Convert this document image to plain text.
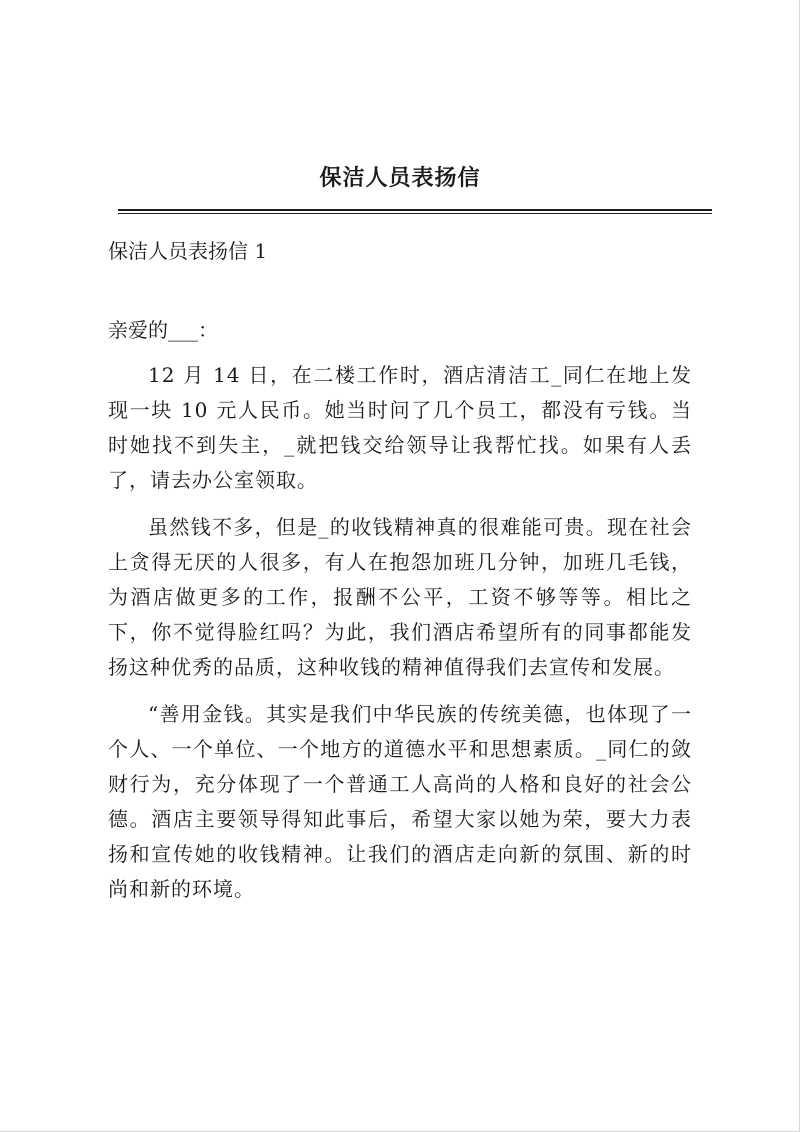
保洁人员表扬信
保洁人员表扬信 1
亲爱的___：

12 月 14 日，在二楼工作时，酒店清洁工_同仁在地上发现一块 10 元人民币。她当时问了几个员工，都没有亏钱。当时她找不到失主，_就把钱交给领导让我帮忙找。如果有人丢了，请去办公室领取。

虽然钱不多，但是_的收钱精神真的很难能可贵。现在社会上贪得无厌的人很多，有人在抱怨加班几分钟，加班几毛钱，为酒店做更多的工作，报酬不公平，工资不够等等。相比之下，你不觉得脸红吗？为此，我们酒店希望所有的同事都能发扬这种优秀的品质，这种收钱的精神值得我们去宣传和发展。

“善用金钱。其实是我们中华民族的传统美德，也体现了一个人、一个单位、一个地方的道德水平和思想素质。_同仁的敛财行为，充分体现了一个普通工人高尚的人格和良好的社会公德。酒店主要领导得知此事后，希望大家以她为荣，要大力表扬和宣传她的收钱精神。让我们的酒店走向新的氛围、新的时尚和新的环境。
